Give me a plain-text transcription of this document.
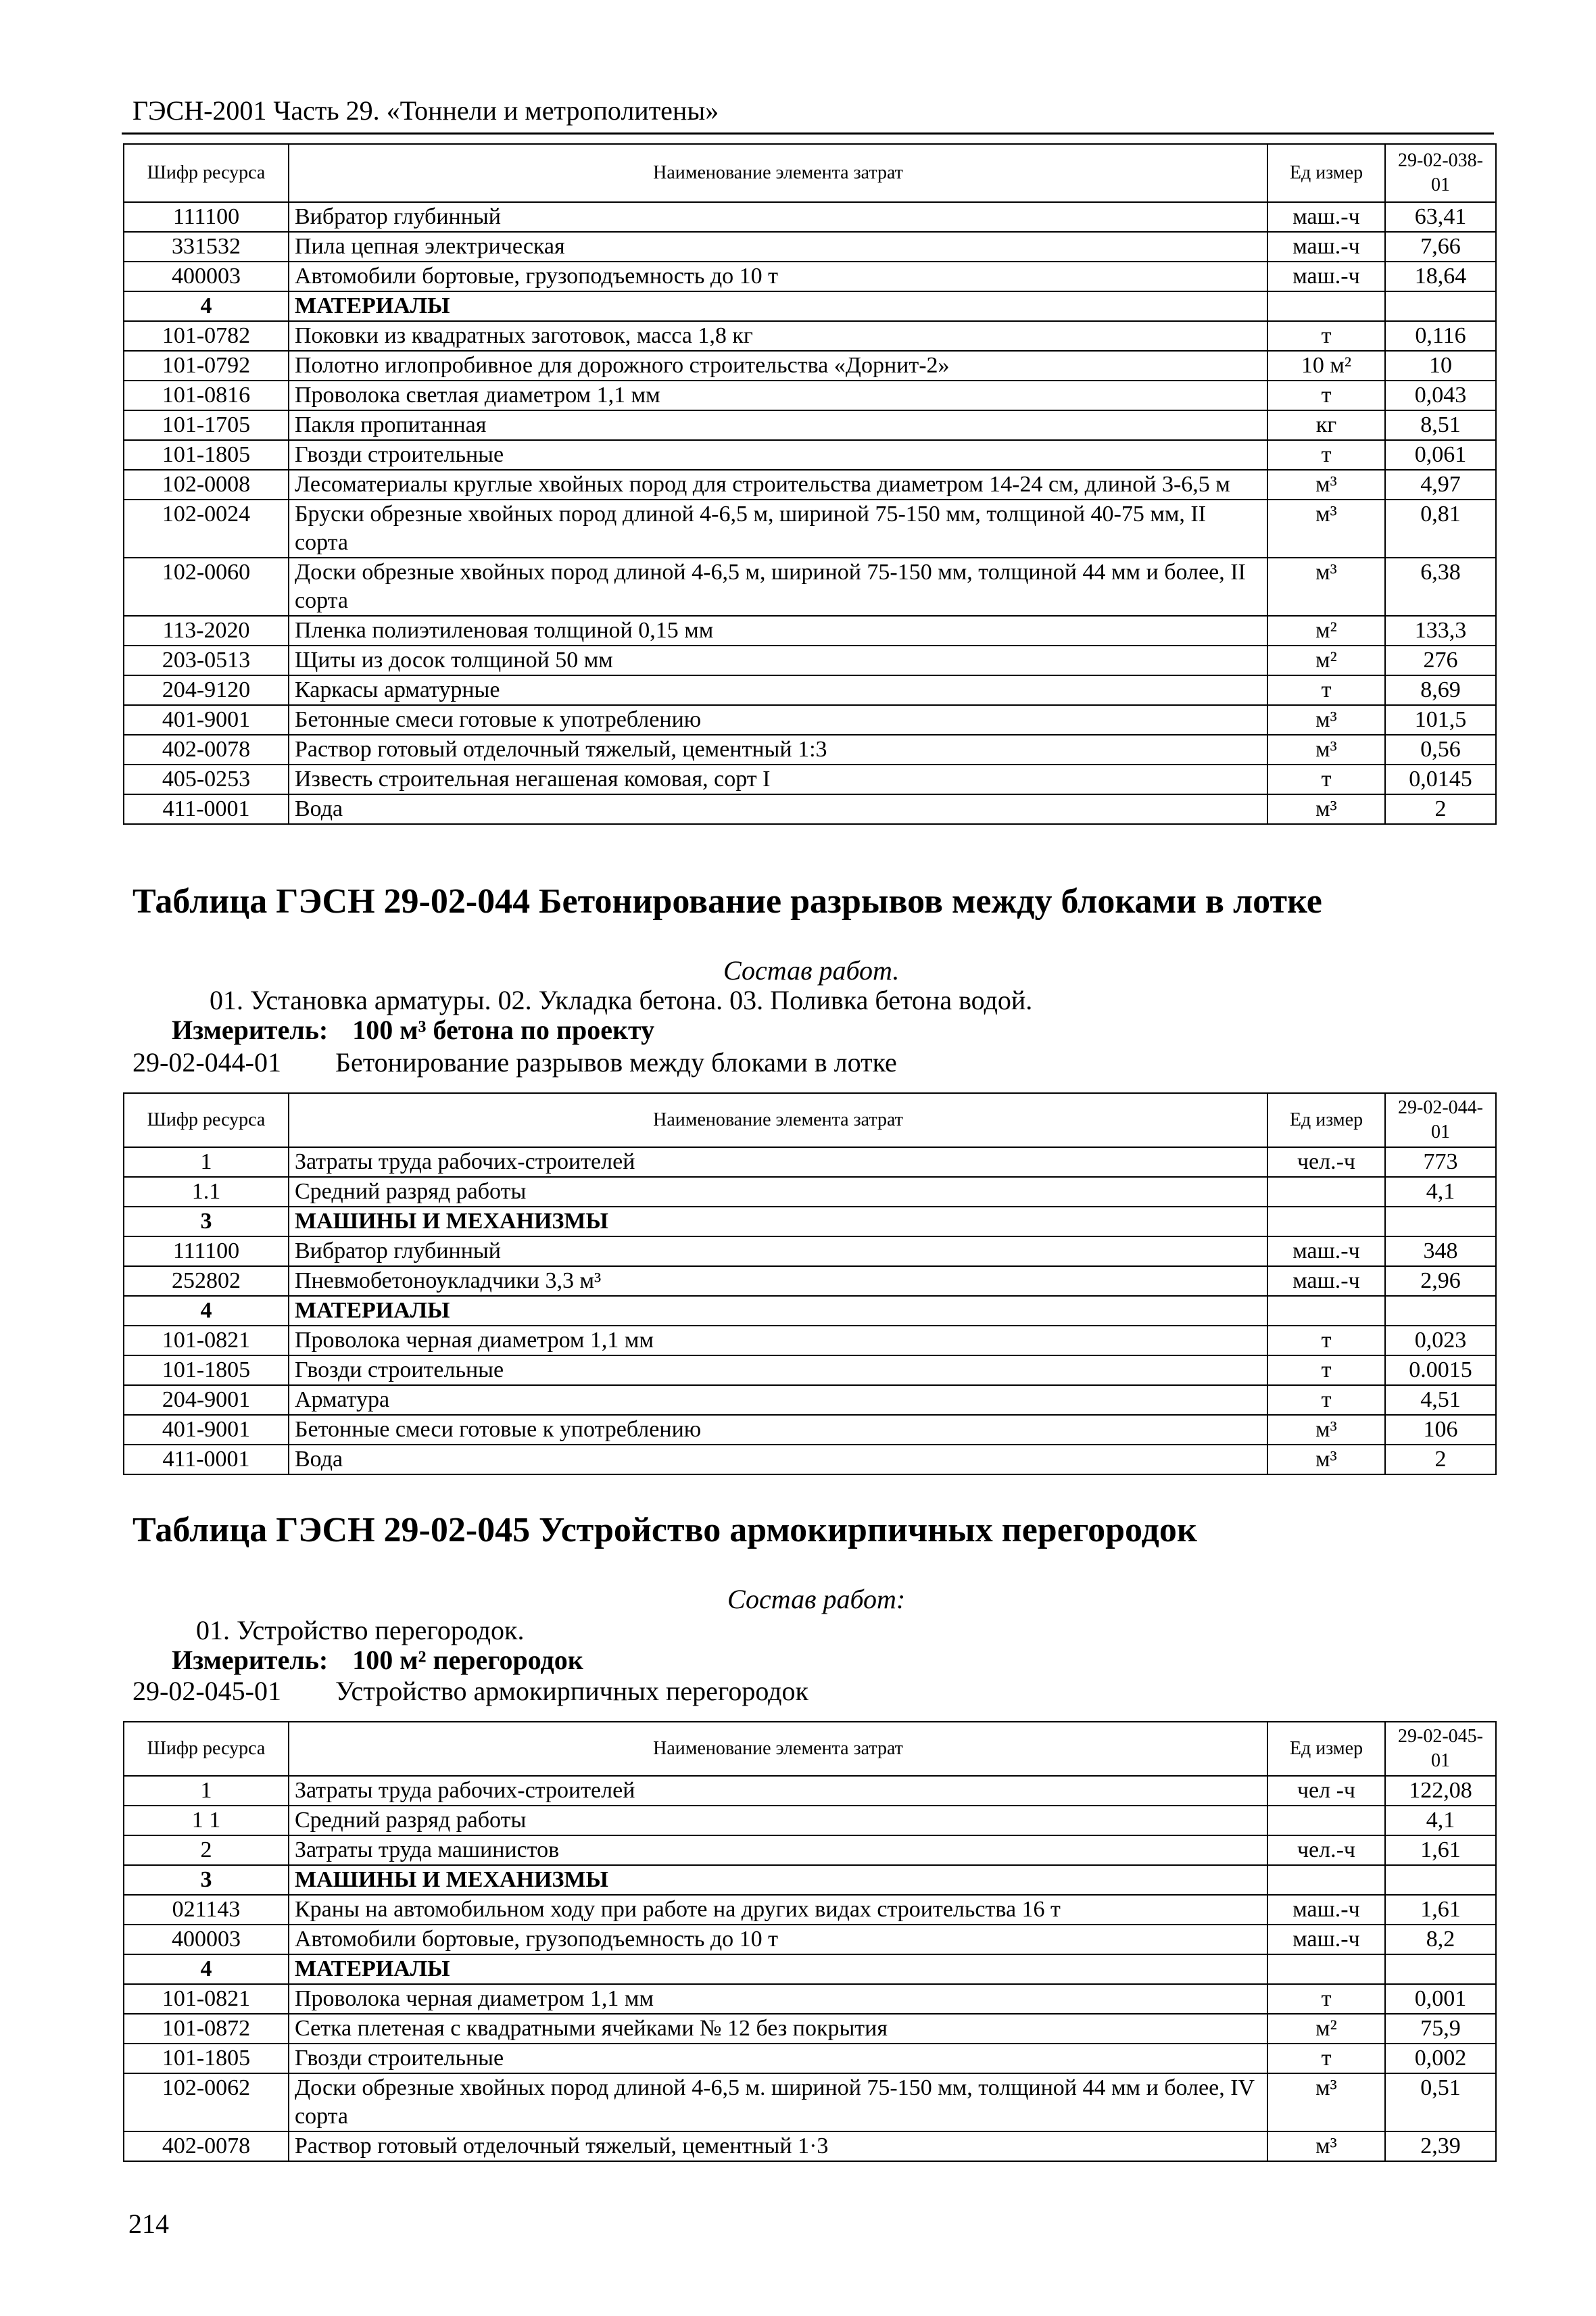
ГЭСН-2001 Часть 29. «Тоннели и метрополитены»
Шифр ресурса	Наименование элемента затрат	Ед измер	29-02-038-01
111100	Вибратор глубинный	маш.-ч	63,41
331532	Пила цепная электрическая	маш.-ч	7,66
400003	Автомобили бортовые, грузоподъемность до 10 т	маш.-ч	18,64
4	МАТЕРИАЛЫ		
101-0782	Поковки из квадратных заготовок, масса 1,8 кг	т	0,116
101-0792	Полотно иглопробивное для дорожного строительства «Дорнит-2»	10 м²	10
101-0816	Проволока светлая диаметром 1,1 мм	т	0,043
101-1705	Пакля пропитанная	кг	8,51
101-1805	Гвозди строительные	т	0,061
102-0008	Лесоматериалы круглые хвойных пород для строительства диаметром 14-24 см, длиной 3-6,5 м	м³	4,97
102-0024	Бруски обрезные хвойных пород длиной 4-6,5 м, шириной 75-150 мм, толщиной 40-75 мм, II сорта	м³	0,81
102-0060	Доски обрезные хвойных пород длиной 4-6,5 м, шириной 75-150 мм, толщиной 44 мм и более, II сорта	м³	6,38
113-2020	Пленка полиэтиленовая толщиной 0,15 мм	м²	133,3
203-0513	Щиты из досок толщиной 50 мм	м²	276
204-9120	Каркасы арматурные	т	8,69
401-9001	Бетонные смеси готовые к употреблению	м³	101,5
402-0078	Раствор готовый отделочный тяжелый, цементный 1:3	м³	0,56
405-0253	Известь строительная негашеная комовая, сорт I	т	0,0145
411-0001	Вода	м³	2
Таблица ГЭСН 29-02-044 Бетонирование разрывов между блоками в лотке
Состав работ.
01. Установка арматуры. 02. Укладка бетона. 03. Поливка бетона водой.
Измеритель: 100 м³ бетона по проекту
29-02-044-01 Бетонирование разрывов между блоками в лотке
Шифр ресурса	Наименование элемента затрат	Ед измер	29-02-044-01
1	Затраты труда рабочих-строителей	чел.-ч	773
1.1	Средний разряд работы		4,1
3	МАШИНЫ И МЕХАНИЗМЫ		
111100	Вибратор глубинный	маш.-ч	348
252802	Пневмобетоноукладчики 3,3 м³	маш.-ч	2,96
4	МАТЕРИАЛЫ		
101-0821	Проволока черная диаметром 1,1 мм	т	0,023
101-1805	Гвозди строительные	т	0.0015
204-9001	Арматура	т	4,51
401-9001	Бетонные смеси готовые к употреблению	м³	106
411-0001	Вода	м³	2
Таблица ГЭСН 29-02-045 Устройство армокирпичных перегородок
Состав работ:
01. Устройство перегородок.
Измеритель: 100 м² перегородок
29-02-045-01 Устройство армокирпичных перегородок
Шифр ресурса	Наименование элемента затрат	Ед измер	29-02-045-01
1	Затраты труда рабочих-строителей	чел -ч	122,08
1 1	Средний разряд работы		4,1
2	Затраты труда машинистов	чел.-ч	1,61
3	МАШИНЫ И МЕХАНИЗМЫ		
021143	Краны на автомобильном ходу при работе на других видах строительства 16 т	маш.-ч	1,61
400003	Автомобили бортовые, грузоподъемность до 10 т	маш.-ч	8,2
4	МАТЕРИАЛЫ		
101-0821	Проволока черная диаметром 1,1 мм	т	0,001
101-0872	Сетка плетеная с квадратными ячейками № 12 без покрытия	м²	75,9
101-1805	Гвозди строительные	т	0,002
102-0062	Доски обрезные хвойных пород длиной 4-6,5 м. шириной 75-150 мм, толщиной 44 мм и более, IV сорта	м³	0,51
402-0078	Раствор готовый отделочный тяжелый, цементный 1·3	м³	2,39
214
